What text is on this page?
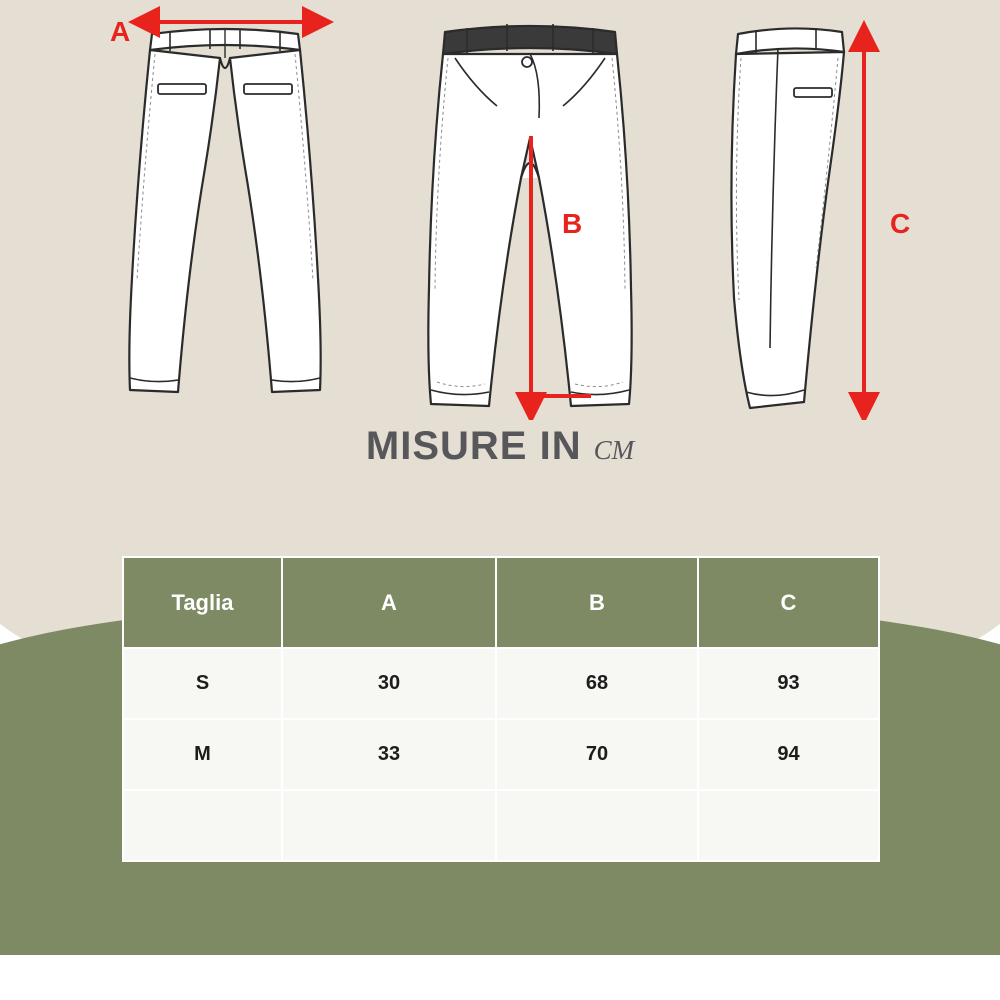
A
B	C
MISURE IN cm
Taglia	A	B	C
S	30	68	93
M	33	70	94
